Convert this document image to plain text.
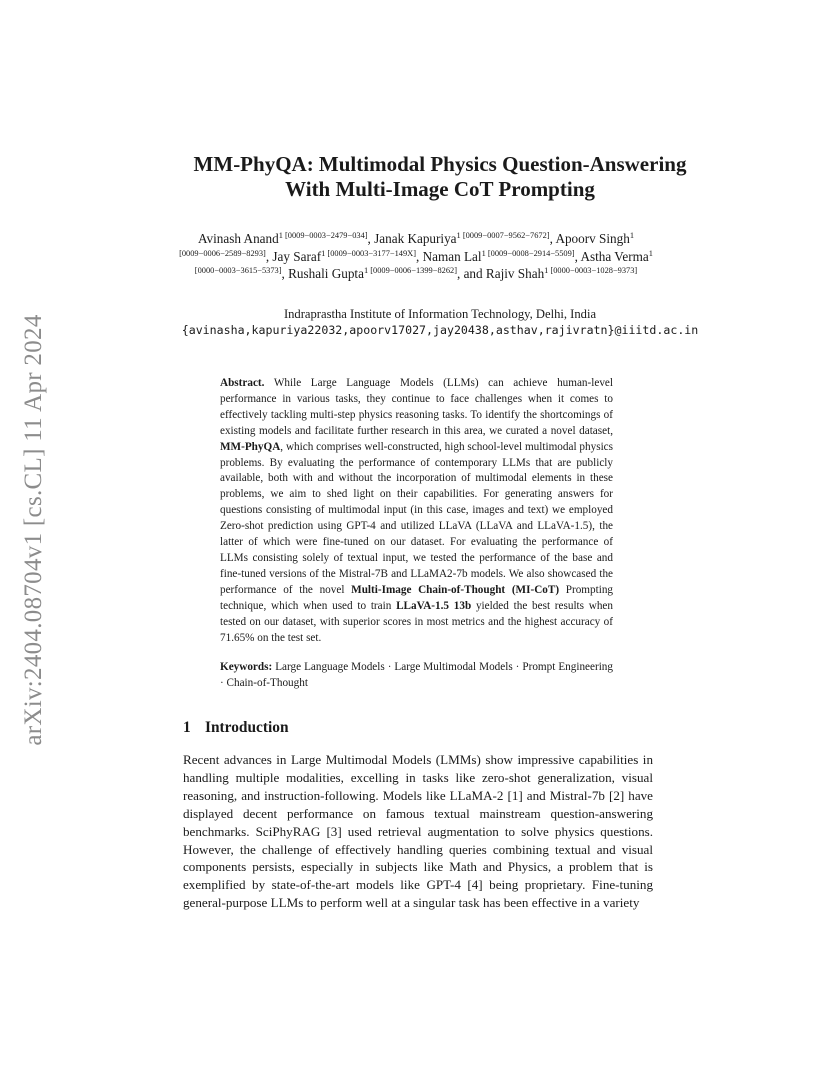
arXiv:2404.08704v1 [cs.CL] 11 Apr 2024
MM-PhyQA: Multimodal Physics Question-Answering
With Multi-Image CoT Prompting
Avinash Anand$^{1 [0009-0003-2479-034]}$, Janak Kapuriya$^{1 [0009-0007-9562-7672]}$, Apoorv Singh$^{1 [0009-0006-2589-8293]}$, Jay Saraf$^{1 [0009-0003-3177-149X]}$, Naman Lal$^{1 [0009-0008-2914-5509]}$, Astha Verma$^{1 [0000-0003-3615-5373]}$, Rushali Gupta$^{1 [0009-0006-1399-8262]}$, and Rajiv Shah$^{1 [0000-0003-1028-9373]}$
Indraprastha Institute of Information Technology, Delhi, India
{avinasha,kapuriya22032,apoorv17027,jay20438,asthav,rajivratn}@iiitd.ac.in

Abstract. While Large Language Models (LLMs) can achieve human-level performance in various tasks, they continue to face challenges when it comes to effectively tackling multi-step physics reasoning tasks. To identify the shortcomings of existing models and facilitate further research in this area, we curated a novel dataset, MM-PhyQA, which comprises well-constructed, high school-level multimodal physics problems. By evaluating the performance of contemporary LLMs that are publicly available, both with and without the incorporation of multimodal elements in these problems, we aim to shed light on their capabilities. For generating answers for questions consisting of multimodal input (in this case, images and text) we employed Zero-shot prediction using GPT-4 and utilized LLaVA (LLaVA and LLaVA-1.5), the latter of which were fine-tuned on our dataset. For evaluating the performance of LLMs consisting solely of textual input, we tested the performance of the base and fine-tuned versions of the Mistral-7B and LLaMA2-7b models. We also showcased the performance of the novel Multi-Image Chain-of-Thought (MI-CoT) Prompting technique, which when used to train LLaVA-1.5 13b yielded the best results when tested on our dataset, with superior scores in most metrics and the highest accuracy of 71.65% on the test set.

Keywords: Large Language Models · Large Multimodal Models · Prompt Engineering · Chain-of-Thought

1 Introduction

Recent advances in Large Multimodal Models (LMMs) show impressive capabilities in handling multiple modalities, excelling in tasks like zero-shot generalization, visual reasoning, and instruction-following. Models like LLaMA-2 [1] and Mistral-7b [2] have displayed decent performance on famous textual mainstream question-answering benchmarks. SciPhyRAG [3] used retrieval augmentation to solve physics questions. However, the challenge of effectively handling queries combining textual and visual components persists, especially in subjects like Math and Physics, a problem that is exemplified by state-of-the-art models like GPT-4 [4] being proprietary. Fine-tuning general-purpose LLMs to perform well at a singular task has been effective in a variety
